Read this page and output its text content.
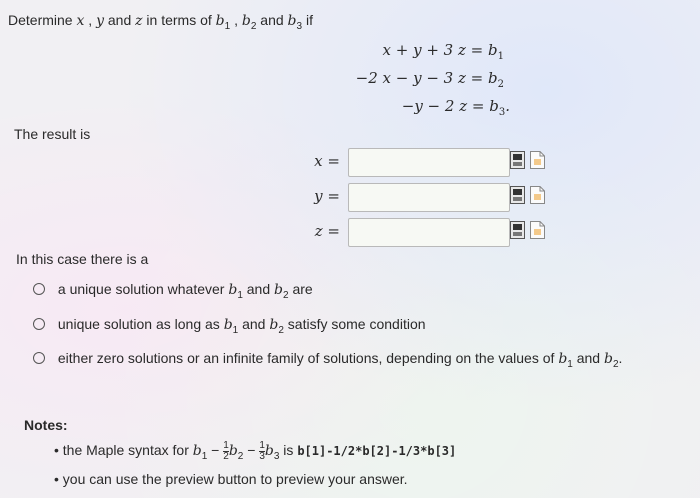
Determine x , y and z in terms of $b_1$ , $b_2$ and $b_3$ if
x + y + 3 $z = b_1$
−2 x − y − 3 $z = b_2$
−y − 2 $z = b_3$.
The result is
x =
y =
z =
In this case there is a
a unique solution whatever $b_1$ and $b_2$ are
unique solution as long as $b_1$ and $b_2$ satisfy some condition
either zero solutions or an infinite family of solutions, depending on the values of $b_1$ and $b_2$.
Notes:
• the Maple syntax for $b_1 - \frac{1}{2} b_2 - \frac{1}{3} b_3$ is b[1]-1/2*b[2]-1/3*b[3]
• you can use the preview button to preview your answer.
